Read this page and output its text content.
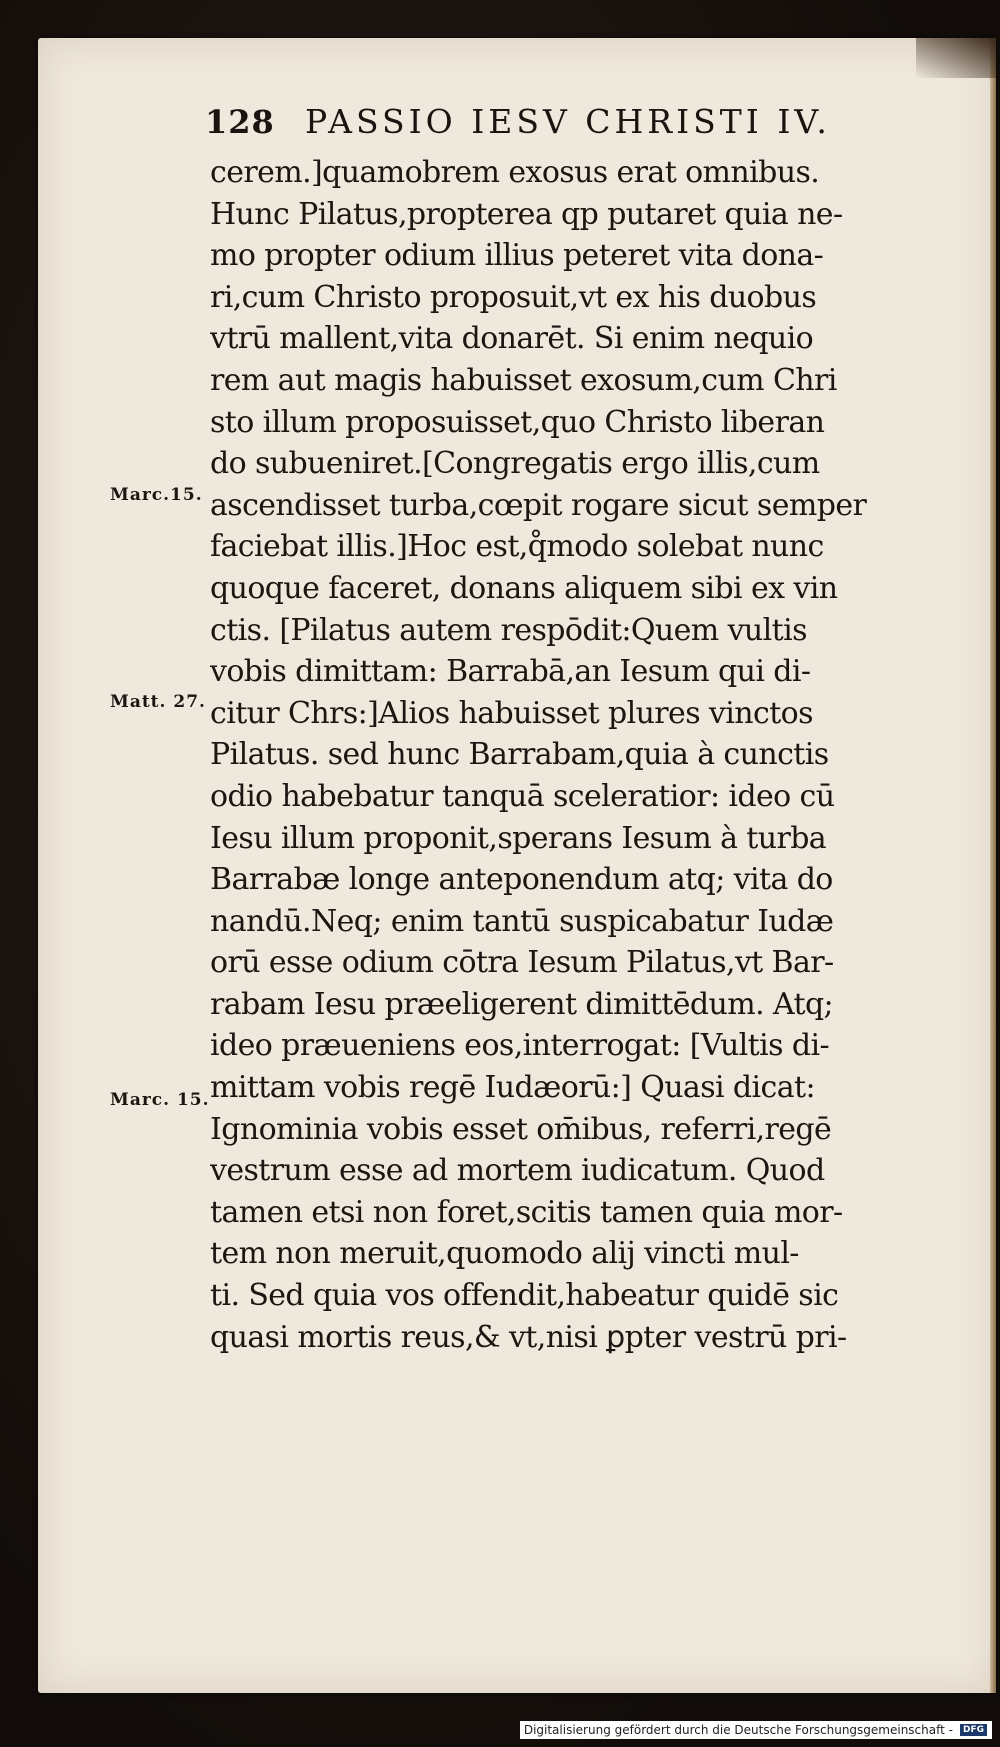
128 PASSIO IESV CHRISTI IV.
cerem.]quamobrem exosus erat omnibus.
Hunc Pilatus,propterea qp putaret quia ne-
mo propter odium illius peteret vita dona-
ri,cum Christo proposuit,vt ex his duobus
vtrū mallent,vita donarēt. Si enim nequio
rem aut magis habuisset exosum,cum Chri
sto illum proposuisset,quo Christo liberan
do subueniret.[Congregatis ergo illis,cum
ascendisset turba,cœpit rogare sicut semper
faciebat illis.]Hoc est,q̊modo solebat nunc
quoque faceret, donans aliquem sibi ex vin
ctis. [Pilatus autem respōdit:Quem vultis
vobis dimittam: Barrabā,an Iesum qui di-
citur Chrs:]Alios habuisset plures vinctos
Pilatus. sed hunc Barrabam,quia à cunctis
odio habebatur tanquā sceleratior: ideo cū
Iesu illum proponit,sperans Iesum à turba
Barrabæ longe anteponendum atq; vita do
nandū.Neq; enim tantū suspicabatur Iudæ
orū esse odium cōtra Iesum Pilatus,vt Bar-
rabam Iesu præeligerent dimittēdum. Atq;
ideo præueniens eos,interrogat: [Vultis di-
mittam vobis regē Iudæorū:] Quasi dicat:
Ignominia vobis esset om̄ibus, referri,regē
vestrum esse ad mortem iudicatum. Quod
tamen etsi non foret,scitis tamen quia mor-
tem non meruit,quomodo alij vincti mul-
ti. Sed quia vos offendit,habeatur quidē sic
quasi mortis reus,& vt,nisi ꝑpter vestrū pri-
Marc.15.
Matt. 27.
Marc. 15.
Digitalisierung gefördert durch die Deutsche Forschungsgemeinschaft -	DFG
